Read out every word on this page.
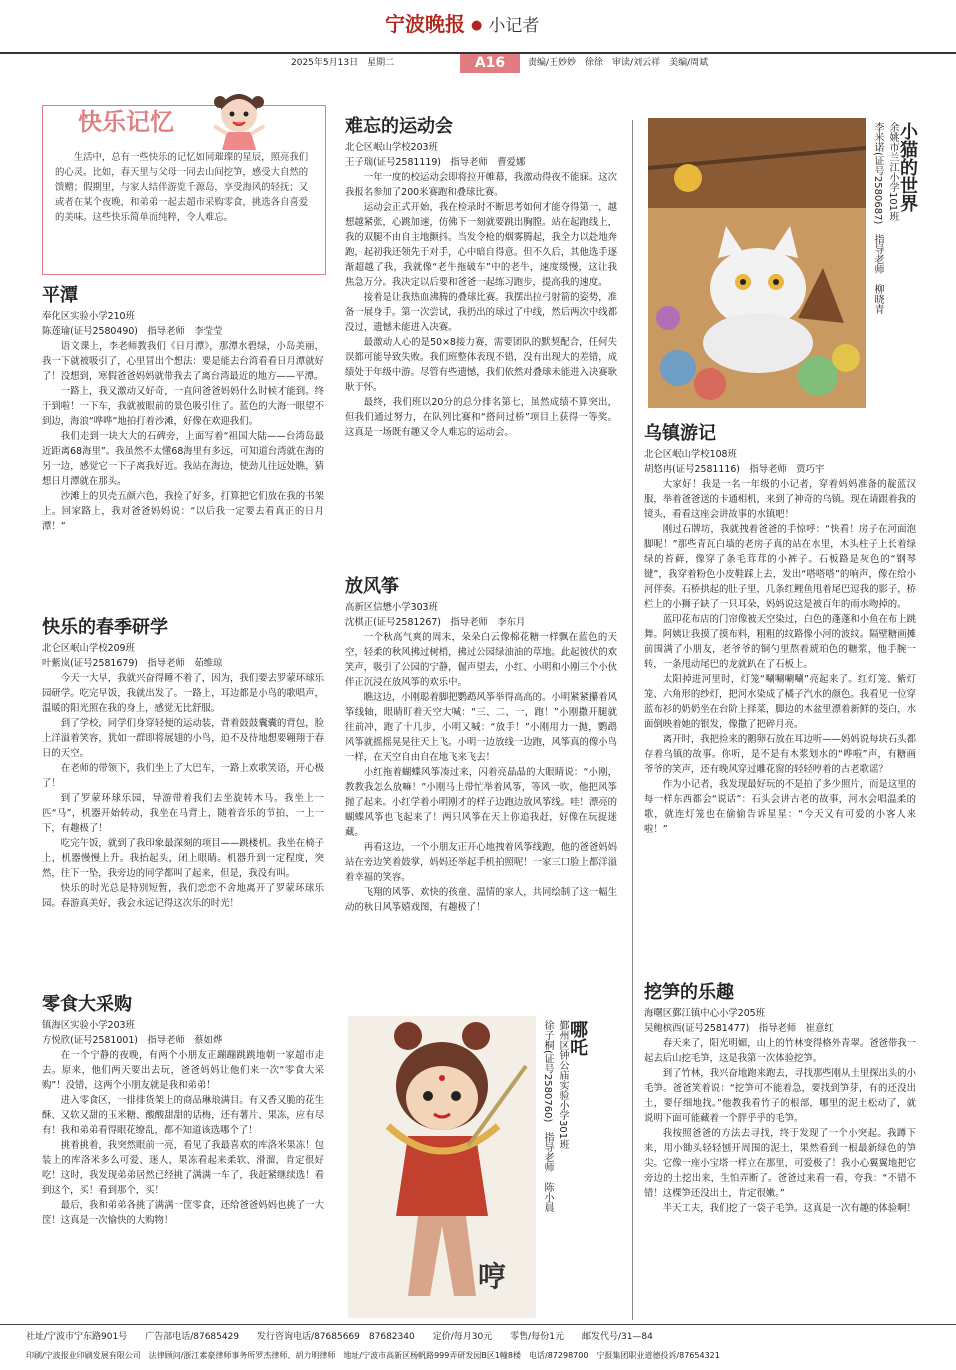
宁波晚报 ● 小记者
2025年5月13日　星期二	A16	责编/王妙妙　徐徐　审读/刘云祥　美编/周斌
快乐记忆
生活中，总有一些快乐的记忆如同璀璨的星辰，照亮我们的心灵。比如，春天里与父母一同去山间挖笋，感受大自然的馈赠；假期里，与家人结伴游览千源岛，享受海风的轻抚；又或者在某个夜晚，和弟弟一起去超市采购零食，挑选各自喜爱的美味。这些快乐简单而纯粹，令人难忘。
平潭
奉化区实验小学210班
陈莲瑜(证号2580490)　指导老师　李莹莹

语文课上，李老师教我们《日月潭》，那潭水碧绿，小岛美丽，我一下就被吸引了，心里冒出个想法：要是能去台湾看看日月潭就好了！没想到，寒假爸爸妈妈就带我去了离台湾最近的地方——平潭。

一路上，我又激动又好奇，一直问爸爸妈妈什么时候才能到。终于到啦！一下车，我就被眼前的景色吸引住了。蓝色的大海一眼望不到边，海浪“哗哗”地拍打着沙滩，好像在欢迎我们。

我们走到一块大大的石碑旁，上面写着“祖国大陆——台湾岛最近距离68海里”。我虽然不太懂68海里有多远，可知道台湾就在海的另一边，感觉它一下子离我好近。我站在海边，使劲儿往远处瞧，猜想日月潭就在那头。

沙滩上的贝壳五颜六色，我捡了好多，打算把它们放在我的书架上。回家路上，我对爸爸妈妈说：“以后我一定要去看真正的日月潭！”

快乐的春季研学
北仑区岷山学校209班
叶紫岚(证号2581679)　指导老师　茹维琼

今天一大早，我就兴奋得睡不着了，因为，我们要去罗蒙环球乐园研学。吃完早饭，我就出发了。一路上，耳边都是小鸟的歌唱声，温暖的阳光照在我的身上，感觉无比舒服。

到了学校，同学们身穿轻便的运动装，背着鼓鼓囊囊的背包，脸上洋溢着笑容，犹如一群即将展翅的小鸟，迫不及待地想要翱翔于春日的天空。

在老师的带领下，我们坐上了大巴车，一路上欢歌笑语，开心极了！

到了罗蒙环球乐园，导游带着我们去坐旋转木马。我坐上一匹“马”，机器开始转动，我坐在马背上，随着音乐的节拍，一上一下，有趣极了！

吃完午饭，就到了我印象最深刻的项目——跳楼机。我坐在椅子上，机器慢慢上升。我抬起头，闭上眼睛。机器升到一定程度，突然，往下一坠，我旁边的同学都叫了起来，但是，我没有叫。

快乐的时光总是特别短暂，我们恋恋不舍地离开了罗蒙环球乐园。春游真美好，我会永远记得这次乐的时光！

零食大采购
镇海区实验小学203班
方悦欣(证号2581001)　指导老师　蔡如烨

在一个宁静的夜晚，有两个小朋友正蹦蹦跳跳地朝一家超市走去。原来，他们两天要出去玩，爸爸妈妈让他们来一次“零食大采购”！没错，这两个小朋友就是我和弟弟！

进入零食区，一排排货架上的商品琳琅满目。有又香又脆的花生酥、又软又甜的玉米糖、酸酸甜甜的话梅，还有薯片、果冻，应有尽有！我和弟弟看得眼花缭乱，都不知道该选哪个了！

挑着挑着，我突然眼前一亮，看见了我最喜欢的库洛米果冻！包装上的库洛米多么可爱、迷人，果冻看起来柔软、滑溜，肯定很好吃！这时，我发现弟弟居然已经挑了满满一车了，我赶紧继续选！看到这个，买！看到那个，买！

最后，我和弟弟各挑了满满一筐零食，还给爸爸妈妈也挑了一大筐！这真是一次愉快的大购物！

难忘的运动会
北仑区岷山学校203班
王子瑞(证号2581119)　指导老师　曹爱娜

一年一度的校运动会即将拉开帷幕，我激动得夜不能寐。这次我报名参加了200米赛跑和叠球比赛。

运动会正式开始，我在检录时不断思考如何才能夺得第一，越想越紧张，心跳加速，仿佛下一刻就要跳出胸膛。站在起跑线上，我的双腿不由自主地颤抖。当发令枪的烟雾腾起，我全力以赴地奔跑，起初我还领先于对手，心中暗自得意。但不久后，其他选手逐渐超越了我，我就像“老牛拖破车”中的老牛，速度缓慢，这让我焦急万分。我决定以后要和爸爸一起练习跑步，提高我的速度。

接着是让我热血沸腾的叠球比赛。我摆出拉弓射箭的姿势，准备一展身手。第一次尝试，我扔出的球过了中线，然后两次中线都没过，遗憾未能进入决赛。

最激动人心的是50×8接力赛，需要团队的默契配合，任何失误都可能导致失败。我们班整体表现不错，没有出现大的差错，成绩处于年级中游。尽管有些遗憾，我们依然对叠球未能进入决赛耿耿于怀。

最终，我们班以20分的总分排名第七，虽然成绩不算突出，但我们通过努力，在队列比赛和“搭问过桥”项目上获得一等奖。这真是一场既有趣又令人难忘的运动会。

放风筝
高新区信懋小学303班
沈棋正(证号2581267)　指导老师　李东月

一个秋高气爽的周末，朵朵白云像棉花糖一样飘在蓝色的天空，轻柔的秋风拂过树梢，拂过公园绿油油的草地。此起彼伏的欢笑声，吸引了公园的宁静，倔声望去，小红、小明和小刚三个小伙伴正沉浸在放风筝的欢乐中。

瞧这边，小刚聪着脚把鹦鹉风筝举得高高的。小明紧紧攥着风筝线轴，眼睛盯着天空大喊：“三、二、一，跑！”小刚撒开腿就往前冲，跑了十几步，小明又喊：“放手！”小刚用力一抛，鹦鹉风筝就摇摇晃晃往天上飞。小明一边放线一边跑，风筝真的像小鸟一样，在天空自由自在地飞来飞去！

小红拖着蝴蝶风筝凑过来，闪着亮晶晶的大眼睛说：“小刚，教教我怎么放嘛！”小刚马上带忙举着风筝，等风一吹，他把风筝抛了起来。小红学着小明刚才的样子边跑边放风筝线。哇！漂亮的蝴蝶风筝也飞起来了！两只风筝在天上你追我赶，好像在玩捉迷藏。

再看这边，一个小朋友正开心地拽着风筝线跑，他的爸爸妈妈站在旁边笑着鼓掌，妈妈还举起手机拍照呢！一家三口脸上都洋溢着幸福的笑容。

飞翔的风筝、欢快的孩童、温情的家人，共同绘制了这一幅生动的秋日风筝嬉戏图，有趣极了！

哼
哪吒
鄞州区钟公庙实验小学301班
徐子桐(证号2580760)　指导老师　陈小晨
小猫的世界
余姚市兰江小学101班
李米诺(证号2580687)　指导老师　柳晓青
乌镇游记
北仑区岷山学校108班
胡悠冉(证号2581116)　指导老师　贾巧宇

大家好！我是一名一年级的小记者，穿着妈妈准备的靛蓝汉服，举着爸爸送的卡通相机，来到了神奇的乌镇。现在请跟着我的镜头，看看这座会讲故事的水镇吧！

刚过石牌坊，我就拽着爸爸的手惊呼：“快看！房子在河面泡脚呢！”那些青瓦白墙的老房子真的站在水里，木头柱子上长着绿绿的苔藓，像穿了条毛茸茸的小裤子。石板路是灰色的“钢琴键”，我穿着粉色小皮鞋踩上去，发出“嗒嗒嗒”的响声，像在给小河伴奏。石桥拱起的肚子里，几条红鲤鱼甩着尾巴逗我的影子，桥栏上的小狮子缺了一只耳朵，妈妈说这是被百年的雨水吻掉的。

蓝印花布店的门帘像被天空染过，白色的蓬蓬和小鱼在布上跳舞。阿姨让我摸了摸布料，粗粗的纹路像小河的波纹。隔壁糖画摊前围满了小朋友，老爷爷的铜勺里熬着琥珀色的糖浆，他手腕一转，一条甩动尾巴的龙就趴在了石板上。

太阳掉进河里时，灯笼“唰唰唰唰”亮起来了。红灯笼、紫灯笼、六角形的纱灯，把河水染成了橘子汽水的颜色。我看见一位穿蓝布衫的奶奶坐在台阶上择菜，脚边的木盆里漂着新鲜的茭白，水面倒映着她的银发，像撒了把碎月亮。

离开时，我把捡来的鹅卵石放在耳边听——妈妈说每块石头都存着乌镇的故事。你听，是不是有木浆划水的“哗啦”声，有糖画爷爷的笑声，还有晚风穿过雕花窗的轻轻哼着的古老歌谣？

作为小记者，我发现最好玩的不是拍了多少照片，而是这里的每一样东西都会“说话”：石头会讲古老的故事，河水会唱温柔的歌，就连灯笼也在偷偷告诉星星：“今天又有可爱的小客人来啦！”

挖笋的乐趣
海曙区鄞江镇中心小学205班
吴鲍槟西(证号2581477)　指导老师　崔意红

春天来了，阳光明媚，山上的竹林变得格外青翠。爸爸带我一起去后山挖毛笋，这是我第一次体验挖笋。

到了竹林，我兴奋地跑来跑去，寻找那些刚从土里探出头的小毛笋。爸爸笑着说：“挖笋可不能着急，要找到笋芽，有的还没出土，要仔细地找。”他教我看竹子的根部，哪里的泥土松动了，就说明下面可能藏着一个胖乎乎的毛笋。

我按照爸爸的方法去寻找，终于发现了一个小突起。我蹲下来，用小锄头轻轻刨开周围的泥土，果然看到一根最新绿色的笋尖。它像一座小宝塔一样立在那里，可爱极了！我小心翼翼地把它旁边的土挖出来，生怕弄断了。爸爸过来看一看，夸我：“不错不错！这棵笋还没出土，肯定很嫩。”

半天工夫，我们挖了一袋子毛笋。这真是一次有趣的体验啊！

社址/宁波市宁东路901号　　广告部电话/87685429　　发行咨询电话/87685669　87682340　　定价/每月30元　　零售/每份1元　　邮发代号/31—84
印刷/宁波报业印刷发展有限公司　法律顾问/浙江素豪律师事务所罗杰律师、胡力明律师　地址/宁波市高新区杨帆路999弄研发园B区1幢8楼　电话/87298700　宁报集团职业道德投诉/87654321
